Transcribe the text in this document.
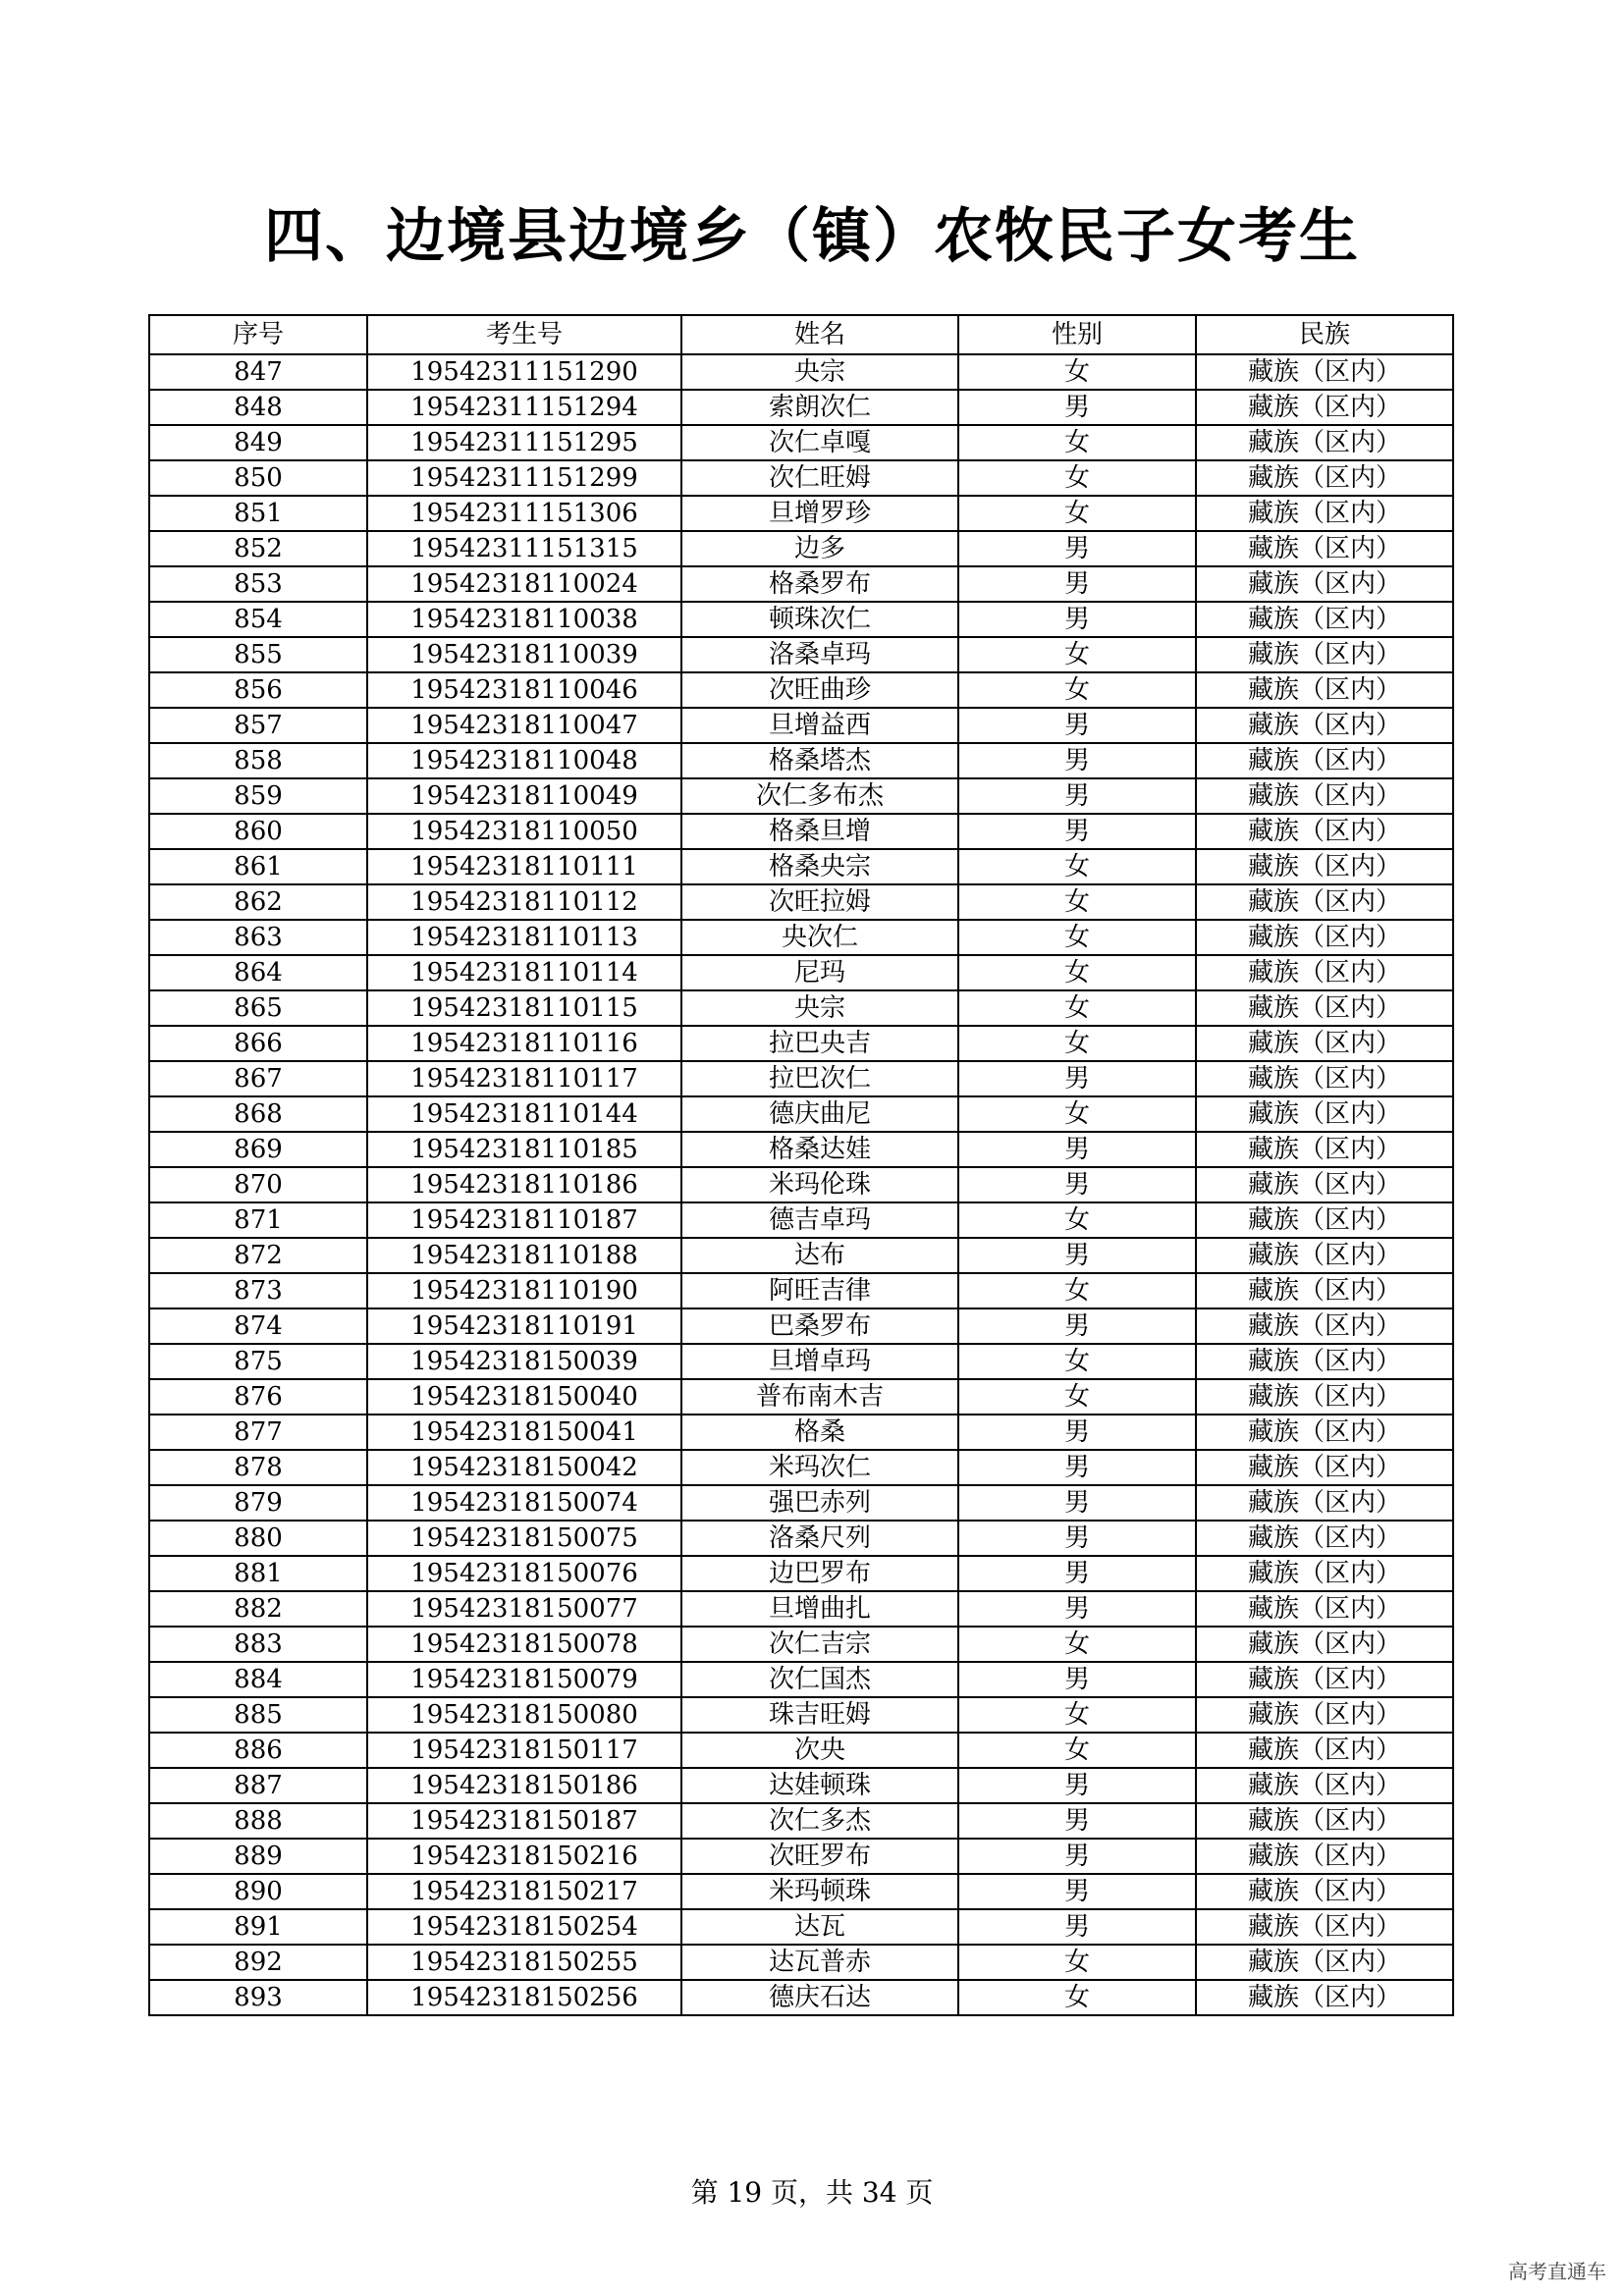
四、边境县边境乡（镇）农牧民子女考生
序号	考生号	姓名	性别	民族
847	19542311151290	央宗	女	藏族（区内）
848	19542311151294	索朗次仁	男	藏族（区内）
849	19542311151295	次仁卓嘎	女	藏族（区内）
850	19542311151299	次仁旺姆	女	藏族（区内）
851	19542311151306	旦增罗珍	女	藏族（区内）
852	19542311151315	边多	男	藏族（区内）
853	19542318110024	格桑罗布	男	藏族（区内）
854	19542318110038	顿珠次仁	男	藏族（区内）
855	19542318110039	洛桑卓玛	女	藏族（区内）
856	19542318110046	次旺曲珍	女	藏族（区内）
857	19542318110047	旦增益西	男	藏族（区内）
858	19542318110048	格桑塔杰	男	藏族（区内）
859	19542318110049	次仁多布杰	男	藏族（区内）
860	19542318110050	格桑旦增	男	藏族（区内）
861	19542318110111	格桑央宗	女	藏族（区内）
862	19542318110112	次旺拉姆	女	藏族（区内）
863	19542318110113	央次仁	女	藏族（区内）
864	19542318110114	尼玛	女	藏族（区内）
865	19542318110115	央宗	女	藏族（区内）
866	19542318110116	拉巴央吉	女	藏族（区内）
867	19542318110117	拉巴次仁	男	藏族（区内）
868	19542318110144	德庆曲尼	女	藏族（区内）
869	19542318110185	格桑达娃	男	藏族（区内）
870	19542318110186	米玛伦珠	男	藏族（区内）
871	19542318110187	德吉卓玛	女	藏族（区内）
872	19542318110188	达布	男	藏族（区内）
873	19542318110190	阿旺吉律	女	藏族（区内）
874	19542318110191	巴桑罗布	男	藏族（区内）
875	19542318150039	旦增卓玛	女	藏族（区内）
876	19542318150040	普布南木吉	女	藏族（区内）
877	19542318150041	格桑	男	藏族（区内）
878	19542318150042	米玛次仁	男	藏族（区内）
879	19542318150074	强巴赤列	男	藏族（区内）
880	19542318150075	洛桑尺列	男	藏族（区内）
881	19542318150076	边巴罗布	男	藏族（区内）
882	19542318150077	旦增曲扎	男	藏族（区内）
883	19542318150078	次仁吉宗	女	藏族（区内）
884	19542318150079	次仁国杰	男	藏族（区内）
885	19542318150080	珠吉旺姆	女	藏族（区内）
886	19542318150117	次央	女	藏族（区内）
887	19542318150186	达娃顿珠	男	藏族（区内）
888	19542318150187	次仁多杰	男	藏族（区内）
889	19542318150216	次旺罗布	男	藏族（区内）
890	19542318150217	米玛顿珠	男	藏族（区内）
891	19542318150254	达瓦	男	藏族（区内）
892	19542318150255	达瓦普赤	女	藏族（区内）
893	19542318150256	德庆石达	女	藏族（区内）
第 19 页，共 34 页
高考直通车
